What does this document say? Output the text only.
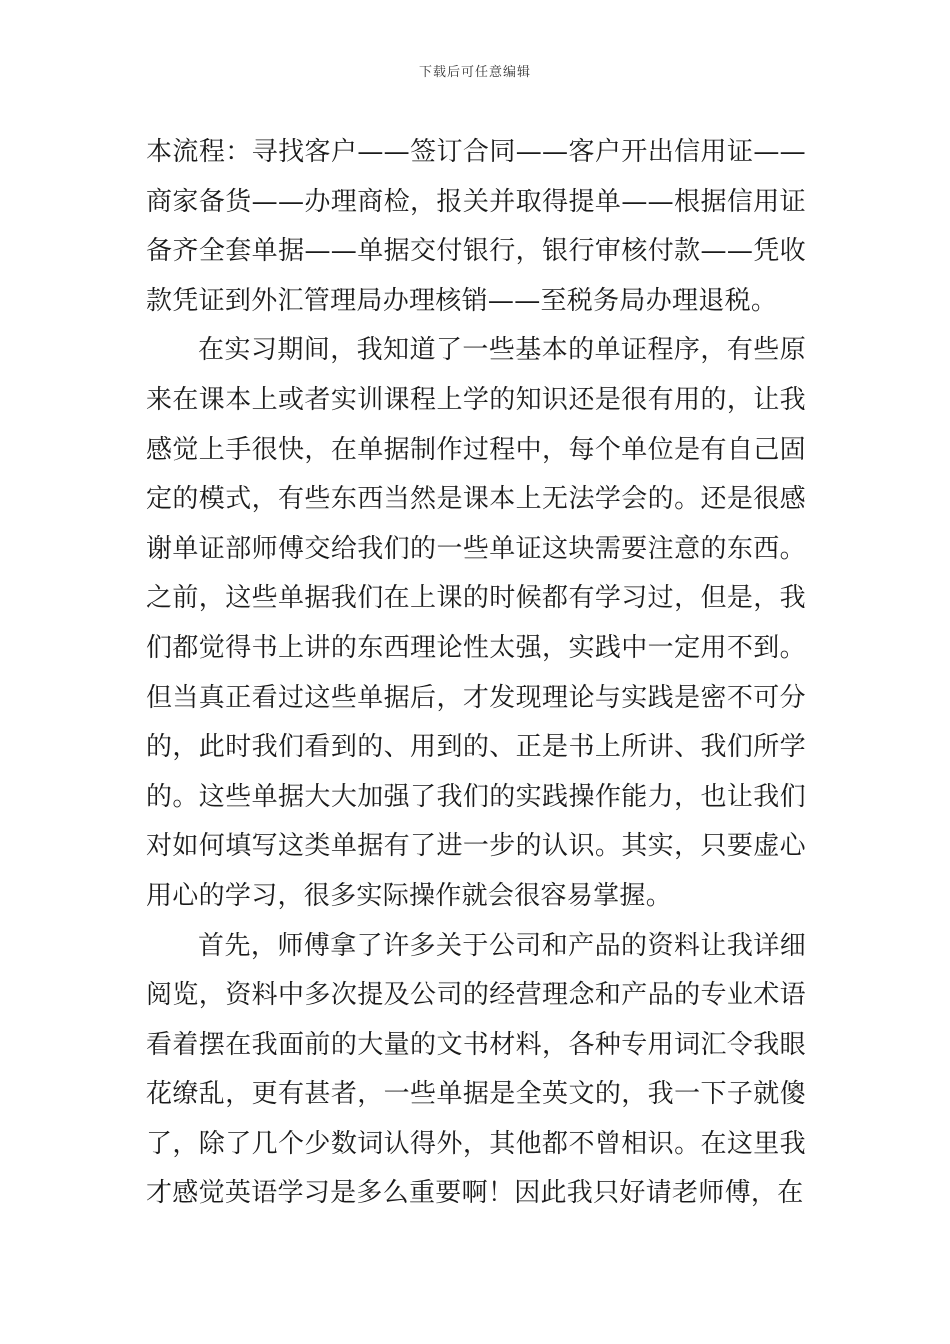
下载后可任意编辑

本流程：寻找客户——签订合同——客户开出信用证——商家备货——办理商检，报关并取得提单——根据信用证备齐全套单据——单据交付银行，银行审核付款——凭收款凭证到外汇管理局办理核销——至税务局办理退税。

在实习期间，我知道了一些基本的单证程序，有些原来在课本上或者实训课程上学的知识还是很有用的，让我感觉上手很快，在单据制作过程中，每个单位是有自己固定的模式，有些东西当然是课本上无法学会的。还是很感谢单证部师傅交给我们的一些单证这块需要注意的东西。之前，这些单据我们在上课的时候都有学习过，但是，我们都觉得书上讲的东西理论性太强，实践中一定用不到。但当真正看过这些单据后，才发现理论与实践是密不可分的，此时我们看到的、用到的、正是书上所讲、我们所学的。这些单据大大加强了我们的实践操作能力，也让我们对如何填写这类单据有了进一步的认识。其实，只要虚心用心的学习，很多实际操作就会很容易掌握。

首先，师傅拿了许多关于公司和产品的资料让我详细阅览，资料中多次提及公司的经营理念和产品的专业术语看着摆在我面前的大量的文书材料，各种专用词汇令我眼花缭乱，更有甚者，一些单据是全英文的，我一下子就傻了，除了几个少数词认得外，其他都不曾相识。在这里我才感觉英语学习是多么重要啊！因此我只好请老师傅，在
